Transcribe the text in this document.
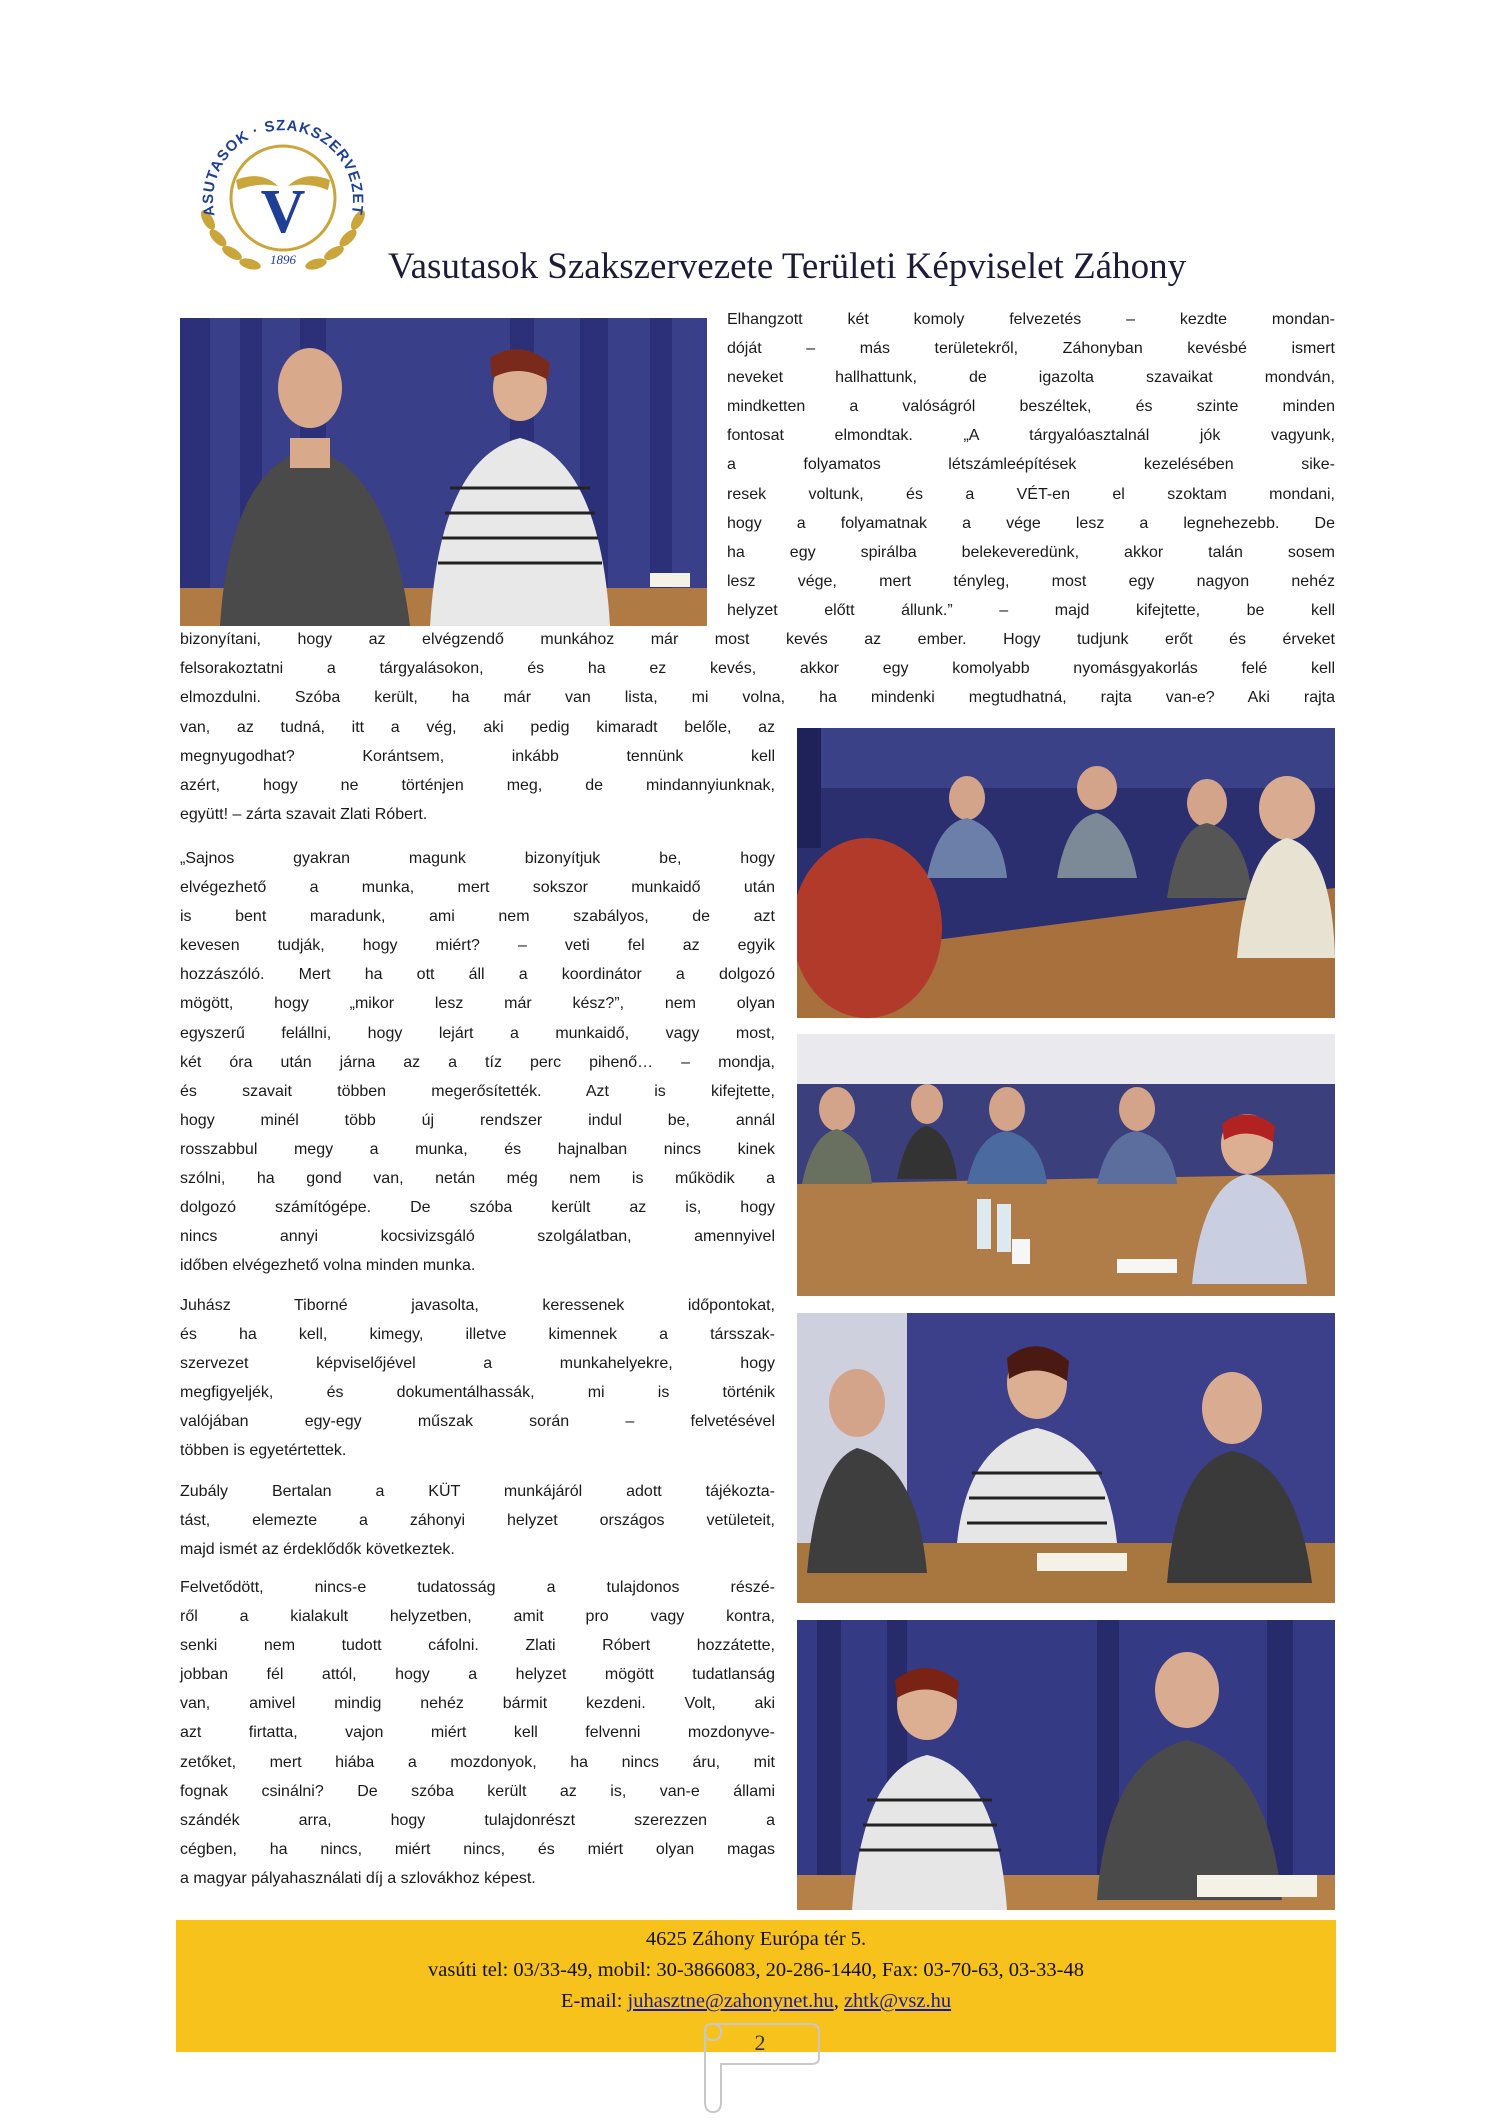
ASUTASOK · SZAKSZERVEZET
V
1896 Vasutasok Szakszervezete Területi Képviselet Záhony
Elhangzott két komoly felvezetés – kezdte mondan-
dóját – más területekről, Záhonyban kevésbé ismert
neveket hallhattunk, de igazolta szavaikat mondván,
mindketten a valóságról beszéltek, és szinte minden
fontosat elmondtak. „A tárgyalóasztalnál jók vagyunk,
a folyamatos létszámleépítések kezelésében sike-
resek voltunk, és a VÉT-en el szoktam mondani,
hogy a folyamatnak a vége lesz a legnehezebb. De
ha egy spirálba belekeveredünk, akkor talán sosem
lesz vége, mert tényleg, most egy nagyon nehéz
helyzet előtt állunk.” – majd kifejtette, be kell
bizonyítani, hogy az elvégzendő munkához már most kevés az ember. Hogy tudjunk erőt és érveket
felsorakoztatni a tárgyalásokon, és ha ez kevés, akkor egy komolyabb nyomásgyakorlás felé kell
elmozdulni. Szóba került, ha már van lista, mi volna, ha mindenki megtudhatná, rajta van-e? Aki rajta
van, az tudná, itt a vég, aki pedig kimaradt belőle, az
megnyugodhat? Korántsem, inkább tennünk kell
azért, hogy ne történjen meg, de mindannyiunknak,
együtt! – zárta szavait Zlati Róbert.
„Sajnos gyakran magunk bizonyítjuk be, hogy
elvégezhető a munka, mert sokszor munkaidő után
is bent maradunk, ami nem szabályos, de azt
kevesen tudják, hogy miért? – veti fel az egyik
hozzászóló. Mert ha ott áll a koordinátor a dolgozó
mögött, hogy „mikor lesz már kész?”, nem olyan
egyszerű felállni, hogy lejárt a munkaidő, vagy most,
két óra után járna az a tíz perc pihenő… – mondja,
és szavait többen megerősítették. Azt is kifejtette,
hogy minél több új rendszer indul be, annál
rosszabbul megy a munka, és hajnalban nincs kinek
szólni, ha gond van, netán még nem is működik a
dolgozó számítógépe. De szóba került az is, hogy
nincs annyi kocsivizsgáló szolgálatban, amennyivel
időben elvégezhető volna minden munka.
Juhász Tiborné javasolta, keressenek időpontokat,
és ha kell, kimegy, illetve kimennek a társszak-
szervezet képviselőjével a munkahelyekre, hogy
megfigyeljék, és dokumentálhassák, mi is történik
valójában egy-egy műszak során – felvetésével
többen is egyetértettek.
Zubály Bertalan a KÜT munkájáról adott tájékozta-
tást, elemezte a záhonyi helyzet országos vetületeit,
majd ismét az érdeklődők következtek.
Felvetődött, nincs-e tudatosság a tulajdonos részé-
ről a kialakult helyzetben, amit pro vagy kontra,
senki nem tudott cáfolni. Zlati Róbert hozzátette,
jobban fél attól, hogy a helyzet mögött tudatlanság
van, amivel mindig nehéz bármit kezdeni. Volt, aki
azt firtatta, vajon miért kell felvenni mozdonyve-
zetőket, mert hiába a mozdonyok, ha nincs áru, mit
fognak csinálni? De szóba került az is, van-e állami
szándék arra, hogy tulajdonrészt szerezzen a
cégben, ha nincs, miért nincs, és miért olyan magas
a magyar pályahasználati díj a szlovákhoz képest.
4625 Záhony Európa tér 5.
vasúti tel: 03/33-49, mobil: 30-3866083, 20-286-1440, Fax: 03-70-63, 03-33-48
E-mail: juhasztne@zahonynet.hu, zhtk@vsz.hu
2
